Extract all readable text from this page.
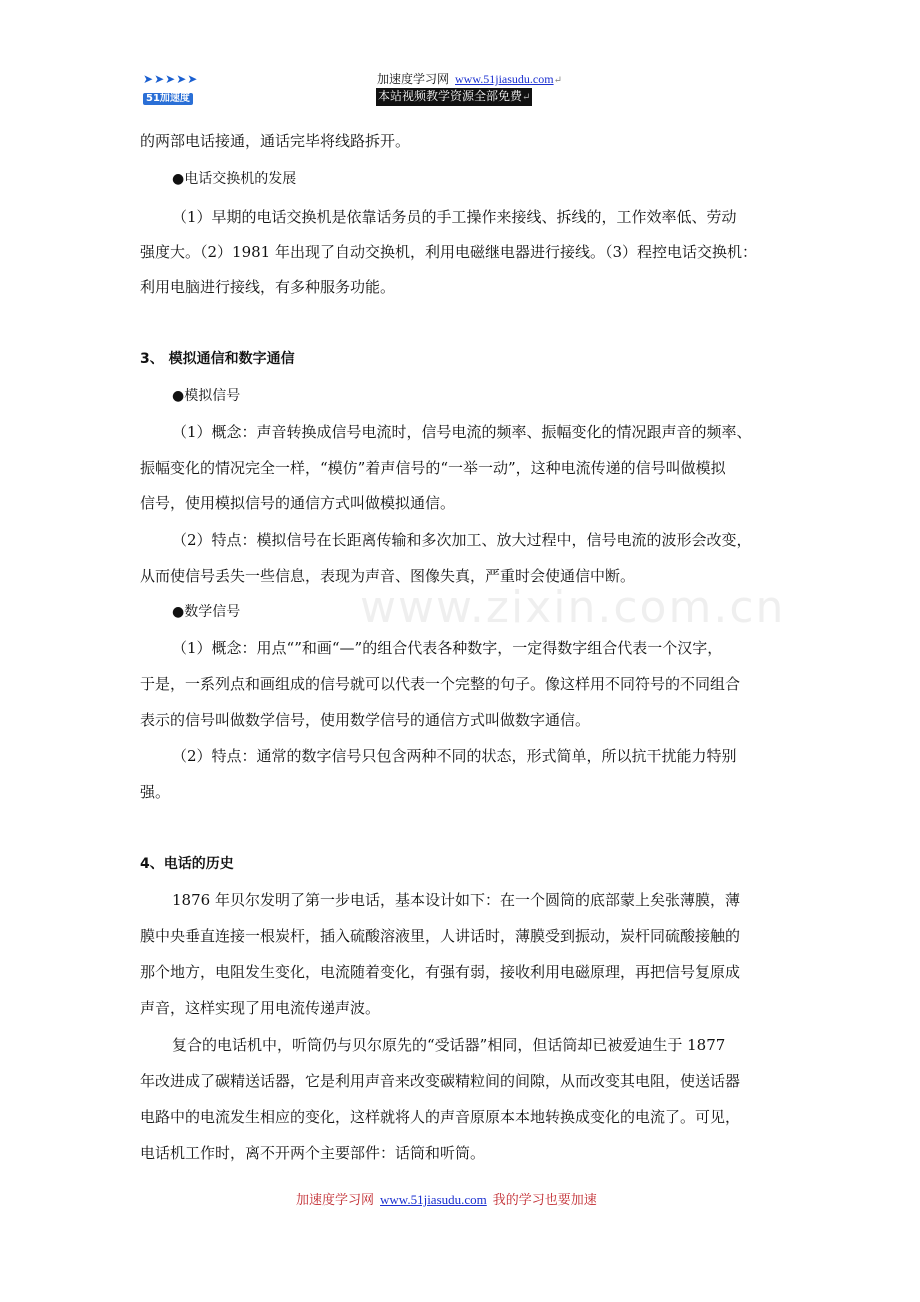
➤ ➤ ➤ ➤ ➤
51加速度
加速度学习网 www.51jiasudu.com↵
本站视频教学资源全部免费↵
www.zixin.com.cn
的两部电话接通，通话完毕将线路拆开。
●电话交换机的发展
（1）早期的电话交换机是依靠话务员的手工操作来接线、拆线的，工作效率低、劳动
强度大。（2）1981 年出现了自动交换机，利用电磁继电器进行接线。（3）程控电话交换机：
利用电脑进行接线，有多种服务功能。
3、 模拟通信和数字通信
●模拟信号
（1）概念：声音转换成信号电流时，信号电流的频率、振幅变化的情况跟声音的频率、
振幅变化的情况完全一样，“模仿”着声信号的“一举一动”，这种电流传递的信号叫做模拟
信号，使用模拟信号的通信方式叫做模拟通信。
（2）特点：模拟信号在长距离传输和多次加工、放大过程中，信号电流的波形会改变，
从而使信号丢失一些信息，表现为声音、图像失真，严重时会使通信中断。
●数学信号
（1）概念：用点“”和画“—”的组合代表各种数字，一定得数字组合代表一个汉字，
于是，一系列点和画组成的信号就可以代表一个完整的句子。像这样用不同符号的不同组合
表示的信号叫做数学信号，使用数学信号的通信方式叫做数字通信。
（2）特点：通常的数字信号只包含两种不同的状态，形式简单，所以抗干扰能力特别
强。
4、电话的历史
1876 年贝尔发明了第一步电话，基本设计如下：在一个圆筒的底部蒙上矣张薄膜，薄
膜中央垂直连接一根炭杆，插入硫酸溶液里，人讲话时，薄膜受到振动，炭杆同硫酸接触的
那个地方，电阻发生变化，电流随着变化，有强有弱，接收利用电磁原理，再把信号复原成
声音，这样实现了用电流传递声波。
复合的电话机中，听筒仍与贝尔原先的“受话器”相同，但话筒却已被爱迪生于 1877
年改进成了碳精送话器，它是利用声音来改变碳精粒间的间隙，从而改变其电阻，使送话器
电路中的电流发生相应的变化，这样就将人的声音原原本本地转换成变化的电流了。可见，
电话机工作时，离不开两个主要部件：话筒和听筒。
加速度学习网 www.51jiasudu.com 我的学习也要加速
